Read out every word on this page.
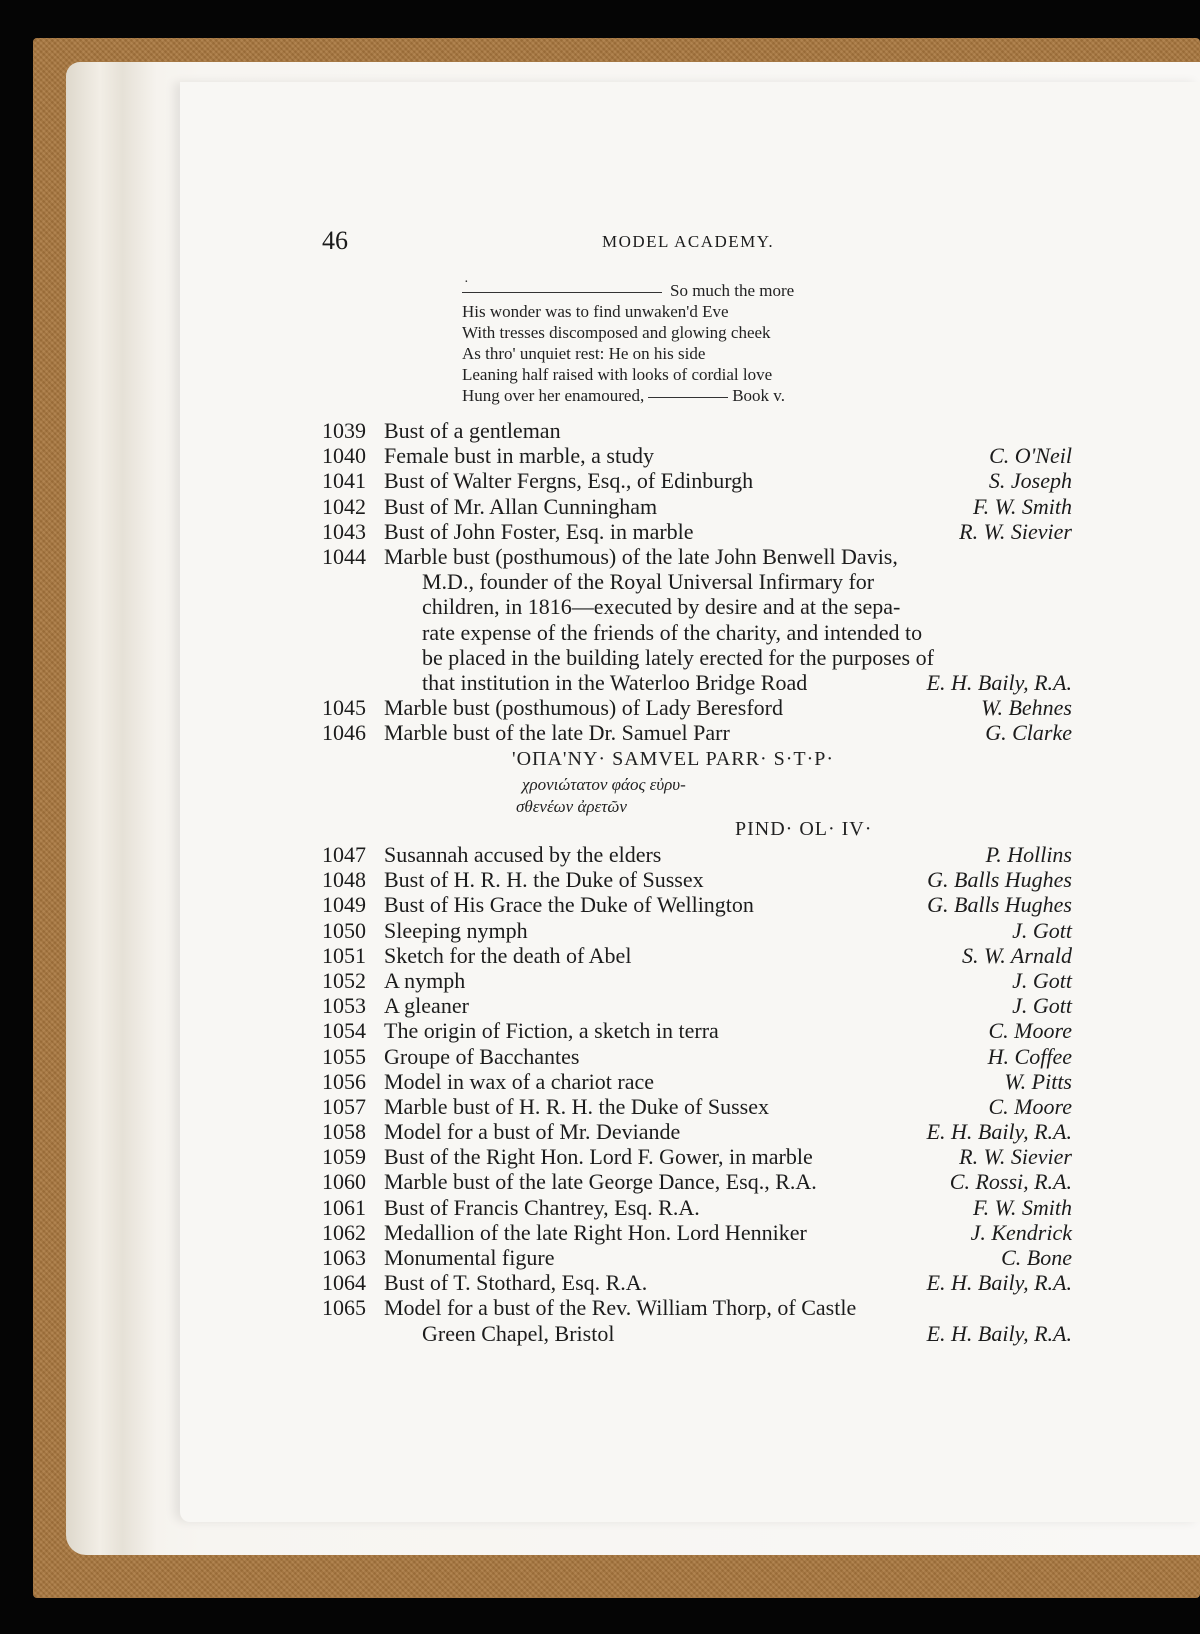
46	MODEL ACADEMY.
·	So much the more
His wonder was to find unwaken'd Eve
With tresses discomposed and glowing cheek
As thro' unquiet rest: He on his side
Leaning half raised with looks of cordial love
Hung over her enamoured,	Book v.
1039 Bust of a gentleman
1040 Female bust in marble, a study	C. O'Neil
1041 Bust of Walter Fergns, Esq., of Edinburgh	S. Joseph
1042 Bust of Mr. Allan Cunningham	F. W. Smith
1043 Bust of John Foster, Esq. in marble	R. W. Sievier
1044 Marble bust (posthumous) of the late John Benwell Davis,
M.D., founder of the Royal Universal Infirmary for
children, in 1816—executed by desire and at the sepa-
rate expense of the friends of the charity, and intended to
be placed in the building lately erected for the purposes of
that institution in the Waterloo Bridge Road	E. H. Baily, R.A.
1045 Marble bust (posthumous) of Lady Beresford	W. Behnes
1046 Marble bust of the late Dr. Samuel Parr	G. Clarke
'ΟΠΑ'ΝΥ· SAMVEL PARR· S·T·P·
χρονιώτατον φάος εὐρυ-
σθενέων ἀρετῶν
PIND· OL· IV·
1047 Susannah accused by the elders	P. Hollins
1048 Bust of H. R. H. the Duke of Sussex	G. Balls Hughes
1049 Bust of His Grace the Duke of Wellington	G. Balls Hughes
1050 Sleeping nymph	J. Gott
1051 Sketch for the death of Abel	S. W. Arnald
1052 A nymph	J. Gott
1053 A gleaner	J. Gott
1054 The origin of Fiction, a sketch in terra	C. Moore
1055 Groupe of Bacchantes	H. Coffee
1056 Model in wax of a chariot race	W. Pitts
1057 Marble bust of H. R. H. the Duke of Sussex	C. Moore
1058 Model for a bust of Mr. Deviande	E. H. Baily, R.A.
1059 Bust of the Right Hon. Lord F. Gower, in marble	R. W. Sievier
1060 Marble bust of the late George Dance, Esq., R.A.	C. Rossi, R.A.
1061 Bust of Francis Chantrey, Esq. R.A.	F. W. Smith
1062 Medallion of the late Right Hon. Lord Henniker	J. Kendrick
1063 Monumental figure	C. Bone
1064 Bust of T. Stothard, Esq. R.A.	E. H. Baily, R.A.
1065 Model for a bust of the Rev. William Thorp, of Castle
Green Chapel, Bristol	E. H. Baily, R.A.
